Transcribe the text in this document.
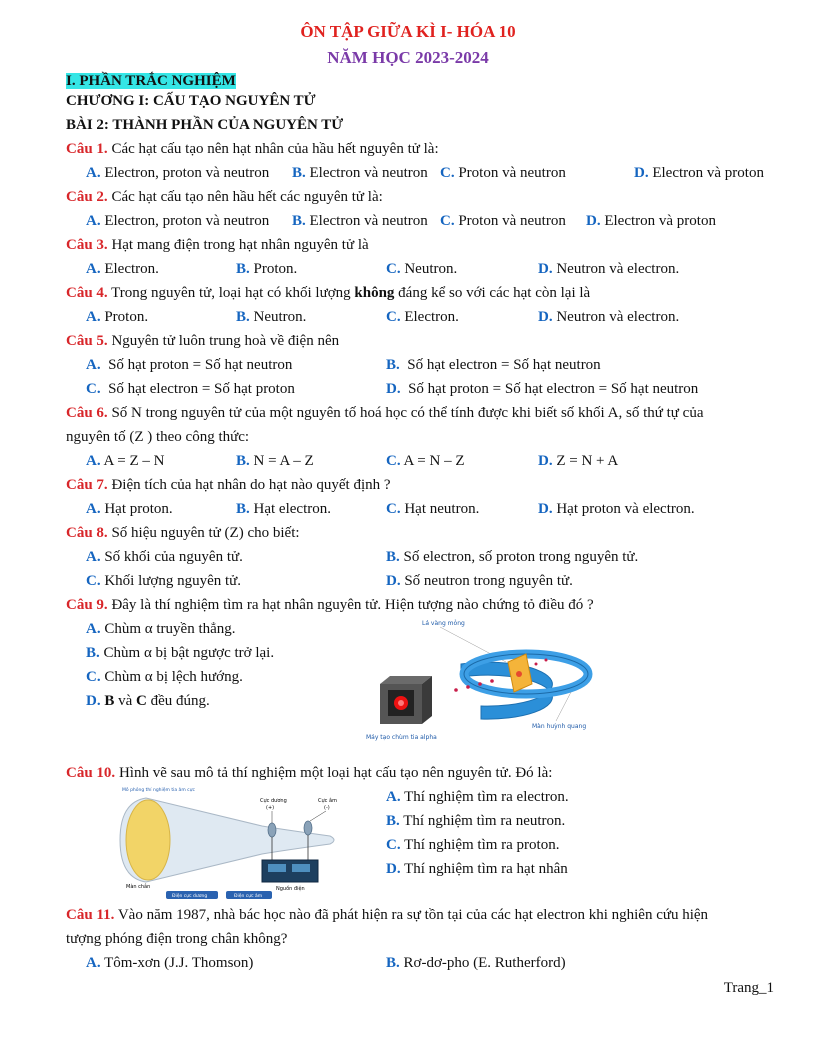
ÔN TẬP GIỮA KÌ I- HÓA 10
NĂM HỌC 2023-2024
I. PHẦN TRẮC NGHIỆM
CHƯƠNG I: CẤU TẠO NGUYÊN TỬ
BÀI 2: THÀNH PHẦN CỦA NGUYÊN TỬ
Câu 1. Các hạt cấu tạo nên hạt nhân của hầu hết nguyên tử là:
A. Electron, proton và neutron B. Electron và neutron C. Proton và neutron	D. Electron và proton
Câu 2. Các hạt cấu tạo nên hầu hết các nguyên tử là:
A. Electron, proton và neutron B. Electron và neutron C. Proton và neutron D. Electron và proton
Câu 3. Hạt mang điện trong hạt nhân nguyên tử là
A. Electron.	B. Proton.	C. Neutron.	D. Neutron và electron.
Câu 4. Trong nguyên tử, loại hạt có khối lượng không đáng kể so với các hạt còn lại là
A. Proton.	B. Neutron.	C. Electron.	D. Neutron và electron.
Câu 5. Nguyên tử luôn trung hoà về điện nên
A. Số hạt proton = Số hạt neutron	B. Số hạt electron = Số hạt neutron
C. Số hạt electron = Số hạt proton	D. Số hạt proton = Số hạt electron = Số hạt neutron
Câu 6. Số N trong nguyên tử của một nguyên tố hoá học có thể tính được khi biết số khối A, số thứ tự của
nguyên tố (Z ) theo công thức:
A. A = Z – N	B. N = A – Z	C. A = N – Z	D. Z = N + A
Câu 7. Điện tích của hạt nhân do hạt nào quyết định ?
A. Hạt proton.	B. Hạt electron.	C. Hạt neutron.	D. Hạt proton và electron.
Câu 8. Số hiệu nguyên tử (Z) cho biết:
A. Số khối của nguyên tử.	B. Số electron, số proton trong nguyên tử.
C. Khối lượng nguyên tử.	D. Số neutron trong nguyên tử.
Câu 9. Đây là thí nghiệm tìm ra hạt nhân nguyên tử. Hiện tượng nào chứng tỏ điều đó ?
A. Chùm α truyền thẳng.
B. Chùm α bị bật ngược trở lại.
C. Chùm α bị lệch hướng.
D. B và C đều đúng.
Lá vàng mỏng
Máy tạo chùm tia alpha
Màn huỳnh quang
Câu 10. Hình vẽ sau mô tả thí nghiệm một loại hạt cấu tạo nên nguyên tử. Đó là:
A. Thí nghiệm tìm ra electron.
B. Thí nghiệm tìm ra neutron.
C. Thí nghiệm tìm ra proton.
D. Thí nghiệm tìm ra hạt nhân
Mô phỏng thí nghiệm tia âm cực
Cực dương
(+)
Cực âm
(-)
Nguồn điện
Màn chắn
Điện cực dương	Điện cực âm
Câu 11. Vào năm 1987, nhà bác học nào đã phát hiện ra sự tồn tại của các hạt electron khi nghiên cứu hiện
tượng phóng điện trong chân không?
A. Tôm-xơn (J.J. Thomson)	B. Rơ-dơ-pho (E. Rutherford)
Trang_1
